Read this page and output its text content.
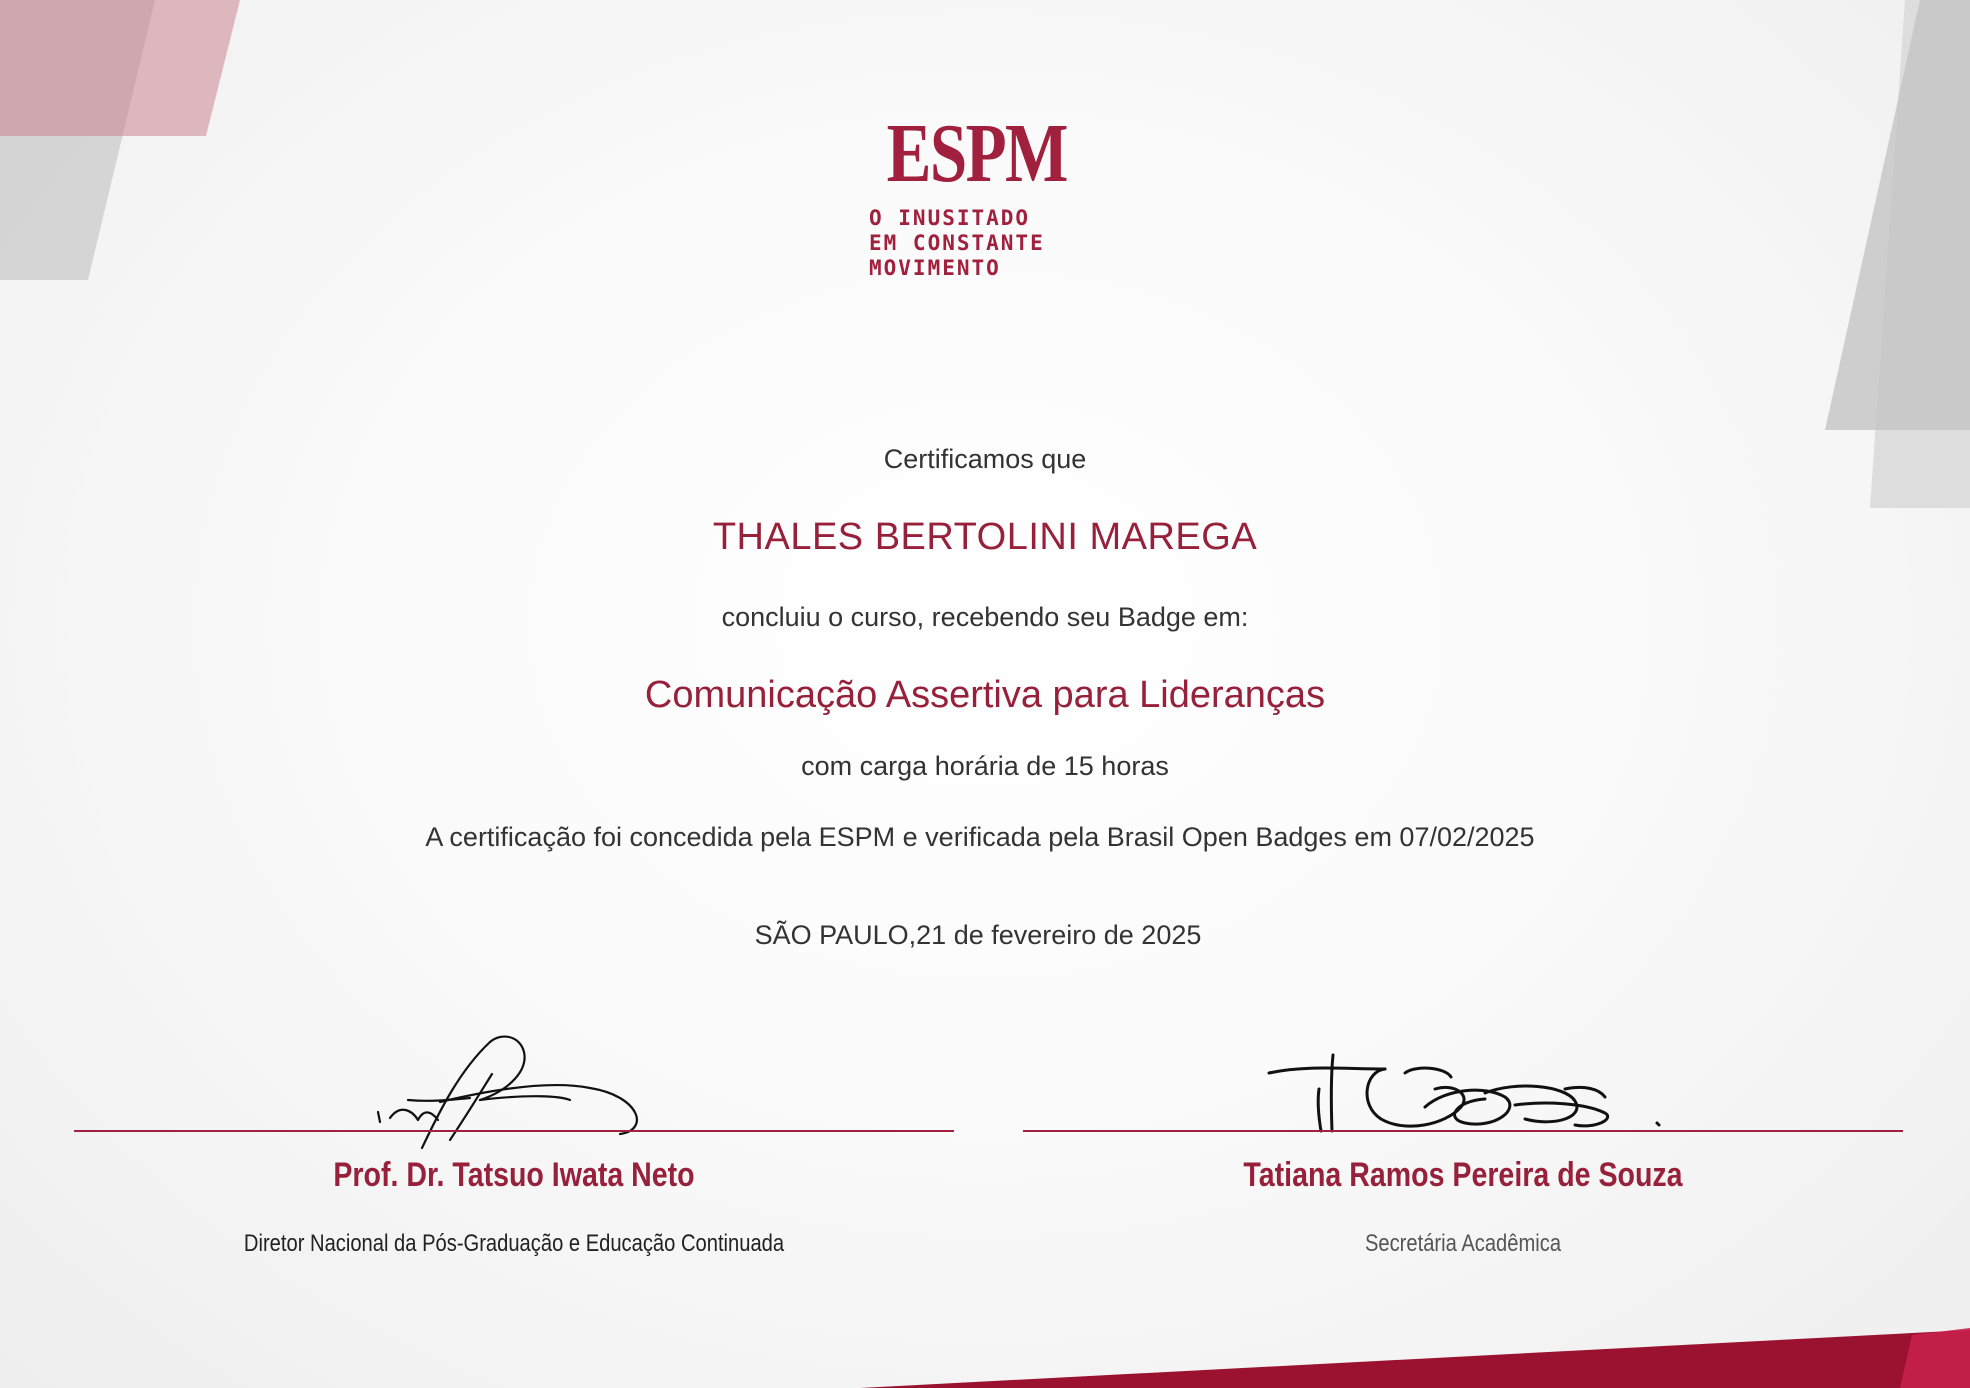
ESPM
O INUSITADO
EM CONSTANTE
MOVIMENTO
Certificamos que
THALES BERTOLINI MAREGA
concluiu o curso, recebendo seu Badge em:
Comunicação Assertiva para Lideranças
com carga horária de 15 horas
A certificação foi concedida pela ESPM e verificada pela Brasil Open Badges em 07/02/2025
SÃO PAULO,21 de fevereiro de 2025
Prof. Dr. Tatsuo Iwata Neto
Diretor Nacional da Pós-Graduação e Educação Continuada
Tatiana Ramos Pereira de Souza
Secretária Acadêmica
